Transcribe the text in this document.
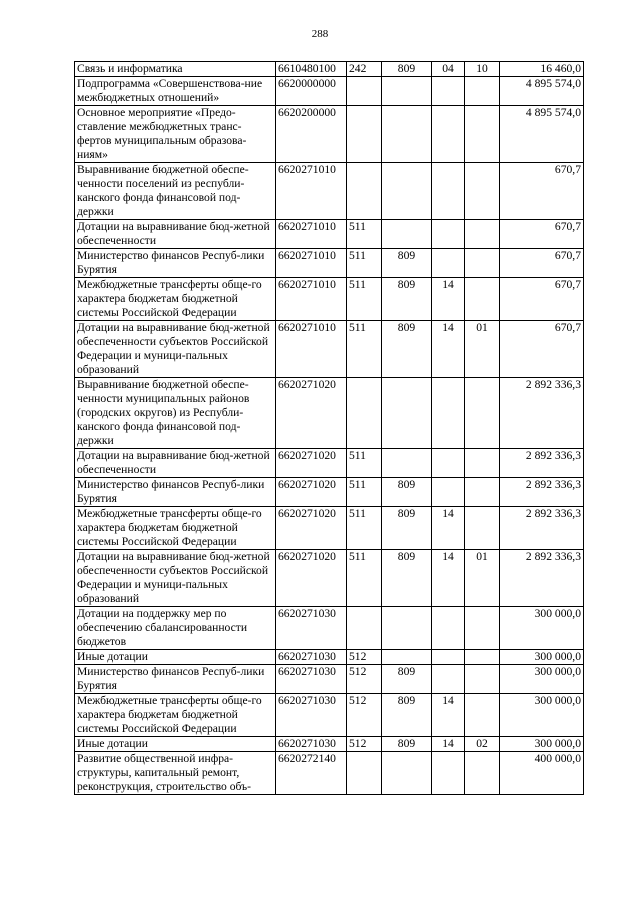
288
Связь и информатика	6610480100	242	809	04	10	16 460,0
Подпрограмма «Совершенствова-ние межбюджетных отношений»	6620000000					4 895 574,0
Основное мероприятие «Предо-ставление межбюджетных транс-фертов муниципальным образова-ниям»	6620200000					4 895 574,0
Выравнивание бюджетной обеспе-ченности поселений из республи-канского фонда финансовой под-держки	6620271010					670,7
Дотации на выравнивание бюд-жетной обеспеченности	6620271010	511				670,7
Министерство финансов Респуб-лики Бурятия	6620271010	511	809			670,7
Межбюджетные трансферты обще-го характера бюджетам бюджетной системы Российской Федерации	6620271010	511	809	14		670,7
Дотации на выравнивание бюд-жетной обеспеченности субъектов Российской Федерации и муници-пальных образований	6620271010	511	809	14	01	670,7
Выравнивание бюджетной обеспе-ченности муниципальных районов (городских округов) из Республи-канского фонда финансовой под-держки	6620271020					2 892 336,3
Дотации на выравнивание бюд-жетной обеспеченности	6620271020	511				2 892 336,3
Министерство финансов Респуб-лики Бурятия	6620271020	511	809			2 892 336,3
Межбюджетные трансферты обще-го характера бюджетам бюджетной системы Российской Федерации	6620271020	511	809	14		2 892 336,3
Дотации на выравнивание бюд-жетной обеспеченности субъектов Российской Федерации и муници-пальных образований	6620271020	511	809	14	01	2 892 336,3
Дотации на поддержку мер по обеспечению сбалансированности бюджетов	6620271030					300 000,0
Иные дотации	6620271030	512				300 000,0
Министерство финансов Респуб-лики Бурятия	6620271030	512	809			300 000,0
Межбюджетные трансферты обще-го характера бюджетам бюджетной системы Российской Федерации	6620271030	512	809	14		300 000,0
Иные дотации	6620271030	512	809	14	02	300 000,0
Развитие общественной инфра-структуры, капитальный ремонт, реконструкция, строительство объ-	6620272140					400 000,0
